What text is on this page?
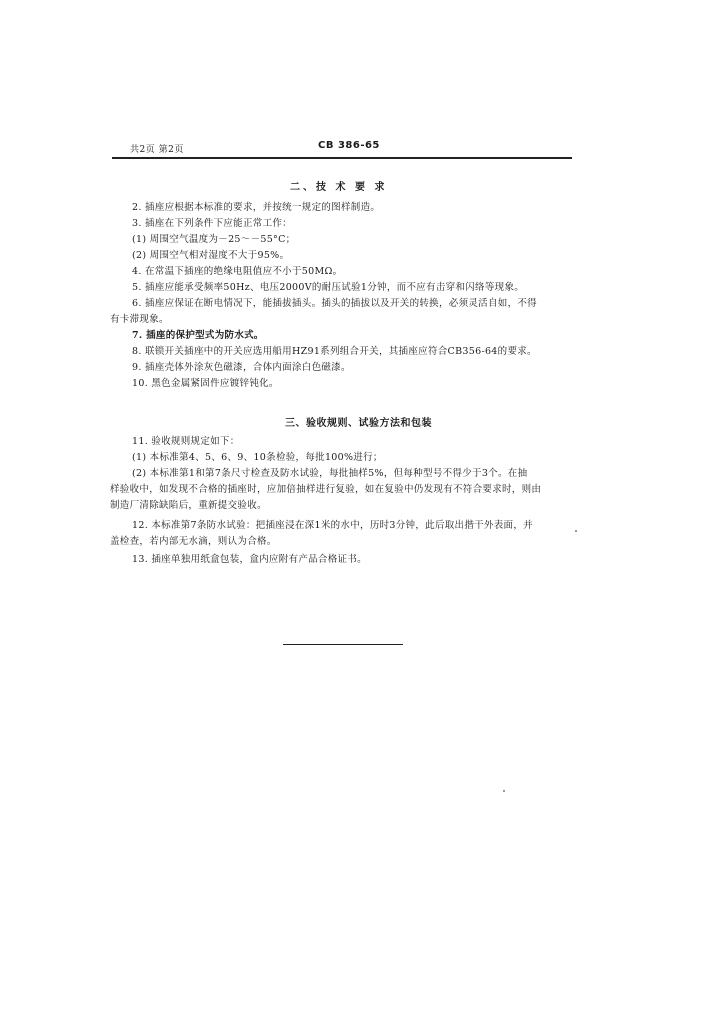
共2页 第2页	CB 386-65
二、技 术 要 求
2. 插座应根据本标准的要求，并按统一规定的图样制造。
3. 插座在下列条件下应能正常工作：
(1) 周围空气温度为－25～－55°C；
(2) 周围空气相对湿度不大于95%。
4. 在常温下插座的绝缘电阻值应不小于50MΩ。
5. 插座应能承受频率50Hz、电压2000V的耐压试验1分钟，而不应有击穿和闪络等现象。
6. 插座应保证在断电情况下，能插拔插头。插头的插拔以及开关的转换，必须灵活自如，不得
有卡滞现象。
7. 插座的保护型式为防水式。
8. 联锁开关插座中的开关应选用船用HZ91系列组合开关，其插座应符合CB356-64的要求。
9. 插座壳体外涂灰色磁漆，合体内面涂白色磁漆。
10. 黑色金属紧固件应镀锌钝化。
三、验收规则、试验方法和包装
11. 验收规则规定如下：
(1) 本标准第4、5、6、9、10条检验，每批100%进行；
(2) 本标准第1和第7条尺寸检查及防水试验，每批抽样5%，但每种型号不得少于3个。在抽
样验收中，如发现不合格的插座时，应加倍抽样进行复验，如在复验中仍发现有不符合要求时，则由
制造厂清除缺陷后，重新提交验收。
12. 本标准第7条防水试验：把插座浸在深1米的水中，历时3分钟，此后取出揩干外表面，并
盖检查，若内部无水滴，则认为合格。
13. 插座单独用纸盒包装，盒内应附有产品合格证书。
